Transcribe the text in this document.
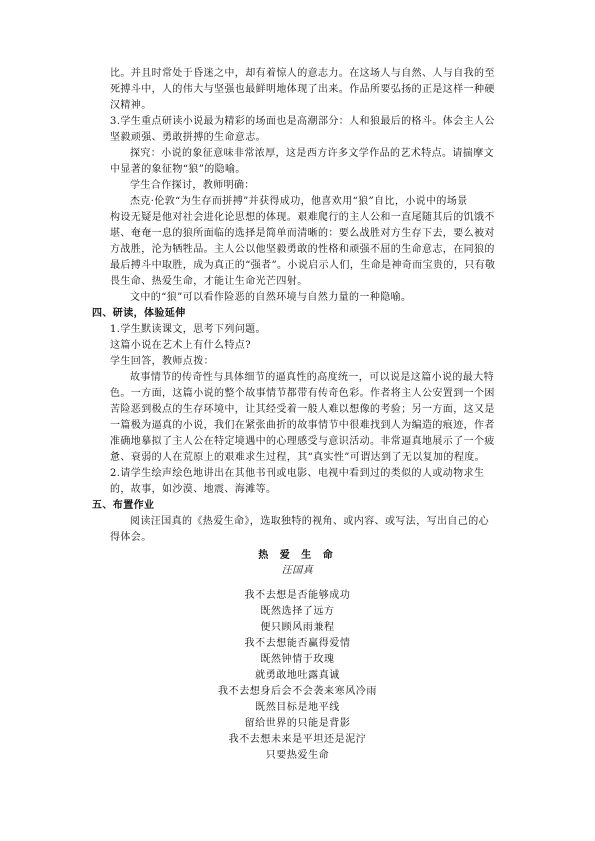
比。并且时常处于昏迷之中，却有着惊人的意志力。在这场人与自然、人与自我的至
死搏斗中，人的伟大与坚强也最鲜明地体现了出来。作品所要弘扬的正是这样一种硬
汉精神。
3.学生重点研读小说最为精彩的场面也是高潮部分：人和狼最后的格斗。体会主人公
坚毅顽强、勇敢拼搏的生命意志。
探究：小说的象征意味非常浓厚，这是西方许多文学作品的艺术特点。请揣摩文
中显著的象征物“狼”的隐喻。
学生合作探讨，教师明确：
杰克·伦敦“为生存而拼搏”并获得成功，他喜欢用“狼”自比，小说中的场景
构设无疑是他对社会进化论思想的体现。艰难爬行的主人公和一直尾随其后的饥饿不
堪、奄奄一息的狼所面临的选择是简单而清晰的：要么战胜对方生存下去，要么被对
方战胜，沦为牺牲品。主人公以他坚毅勇敢的性格和顽强不屈的生命意志，在同狼的
最后搏斗中取胜，成为真正的“强者”。小说启示人们，生命是神奇而宝贵的，只有敬
畏生命、热爱生命，才能让生命光芒四射。
文中的“狼”可以看作险恶的自然环境与自然力量的一种隐喻。
四、研读，体验延伸
1.学生默读课文，思考下列问题。
这篇小说在艺术上有什么特点?
学生回答，教师点拨：
故事情节的传奇性与具体细节的逼真性的高度统一，可以说是这篇小说的最大特
色。一方面，这篇小说的整个故事情节都带有传奇色彩。作者将主人公安置到一个困
苦险恶到极点的生存环境中，让其经受着一般人难以想像的考验；另一方面，这又是
一篇极为逼真的小说，我们在紧张曲折的故事情节中很难找到人为编造的痕迹，作者
准确地摹拟了主人公在特定境遇中的心理感受与意识活动。非常逼真地展示了一个疲
惫、衰弱的人在荒原上的艰难求生过程，其“真实性”可谓达到了无以复加的程度。
2.请学生绘声绘色地讲出在其他书刊或电影、电视中看到过的类似的人或动物求生
的，故事，如沙漠、地震、海滩等。
五、布置作业
阅读汪国真的《热爱生命》，选取独特的视角、或内容、或写法，写出自己的心
得体会。
热 爱 生 命
汪国真
我不去想是否能够成功
既然选择了远方
便只顾风雨兼程
我不去想能否赢得爱情
既然钟情于玫瑰
就勇敢地吐露真诚
我不去想身后会不会袭来寒风冷雨
既然目标是地平线
留给世界的只能是背影
我不去想未来是平坦还是泥泞
只要热爱生命
